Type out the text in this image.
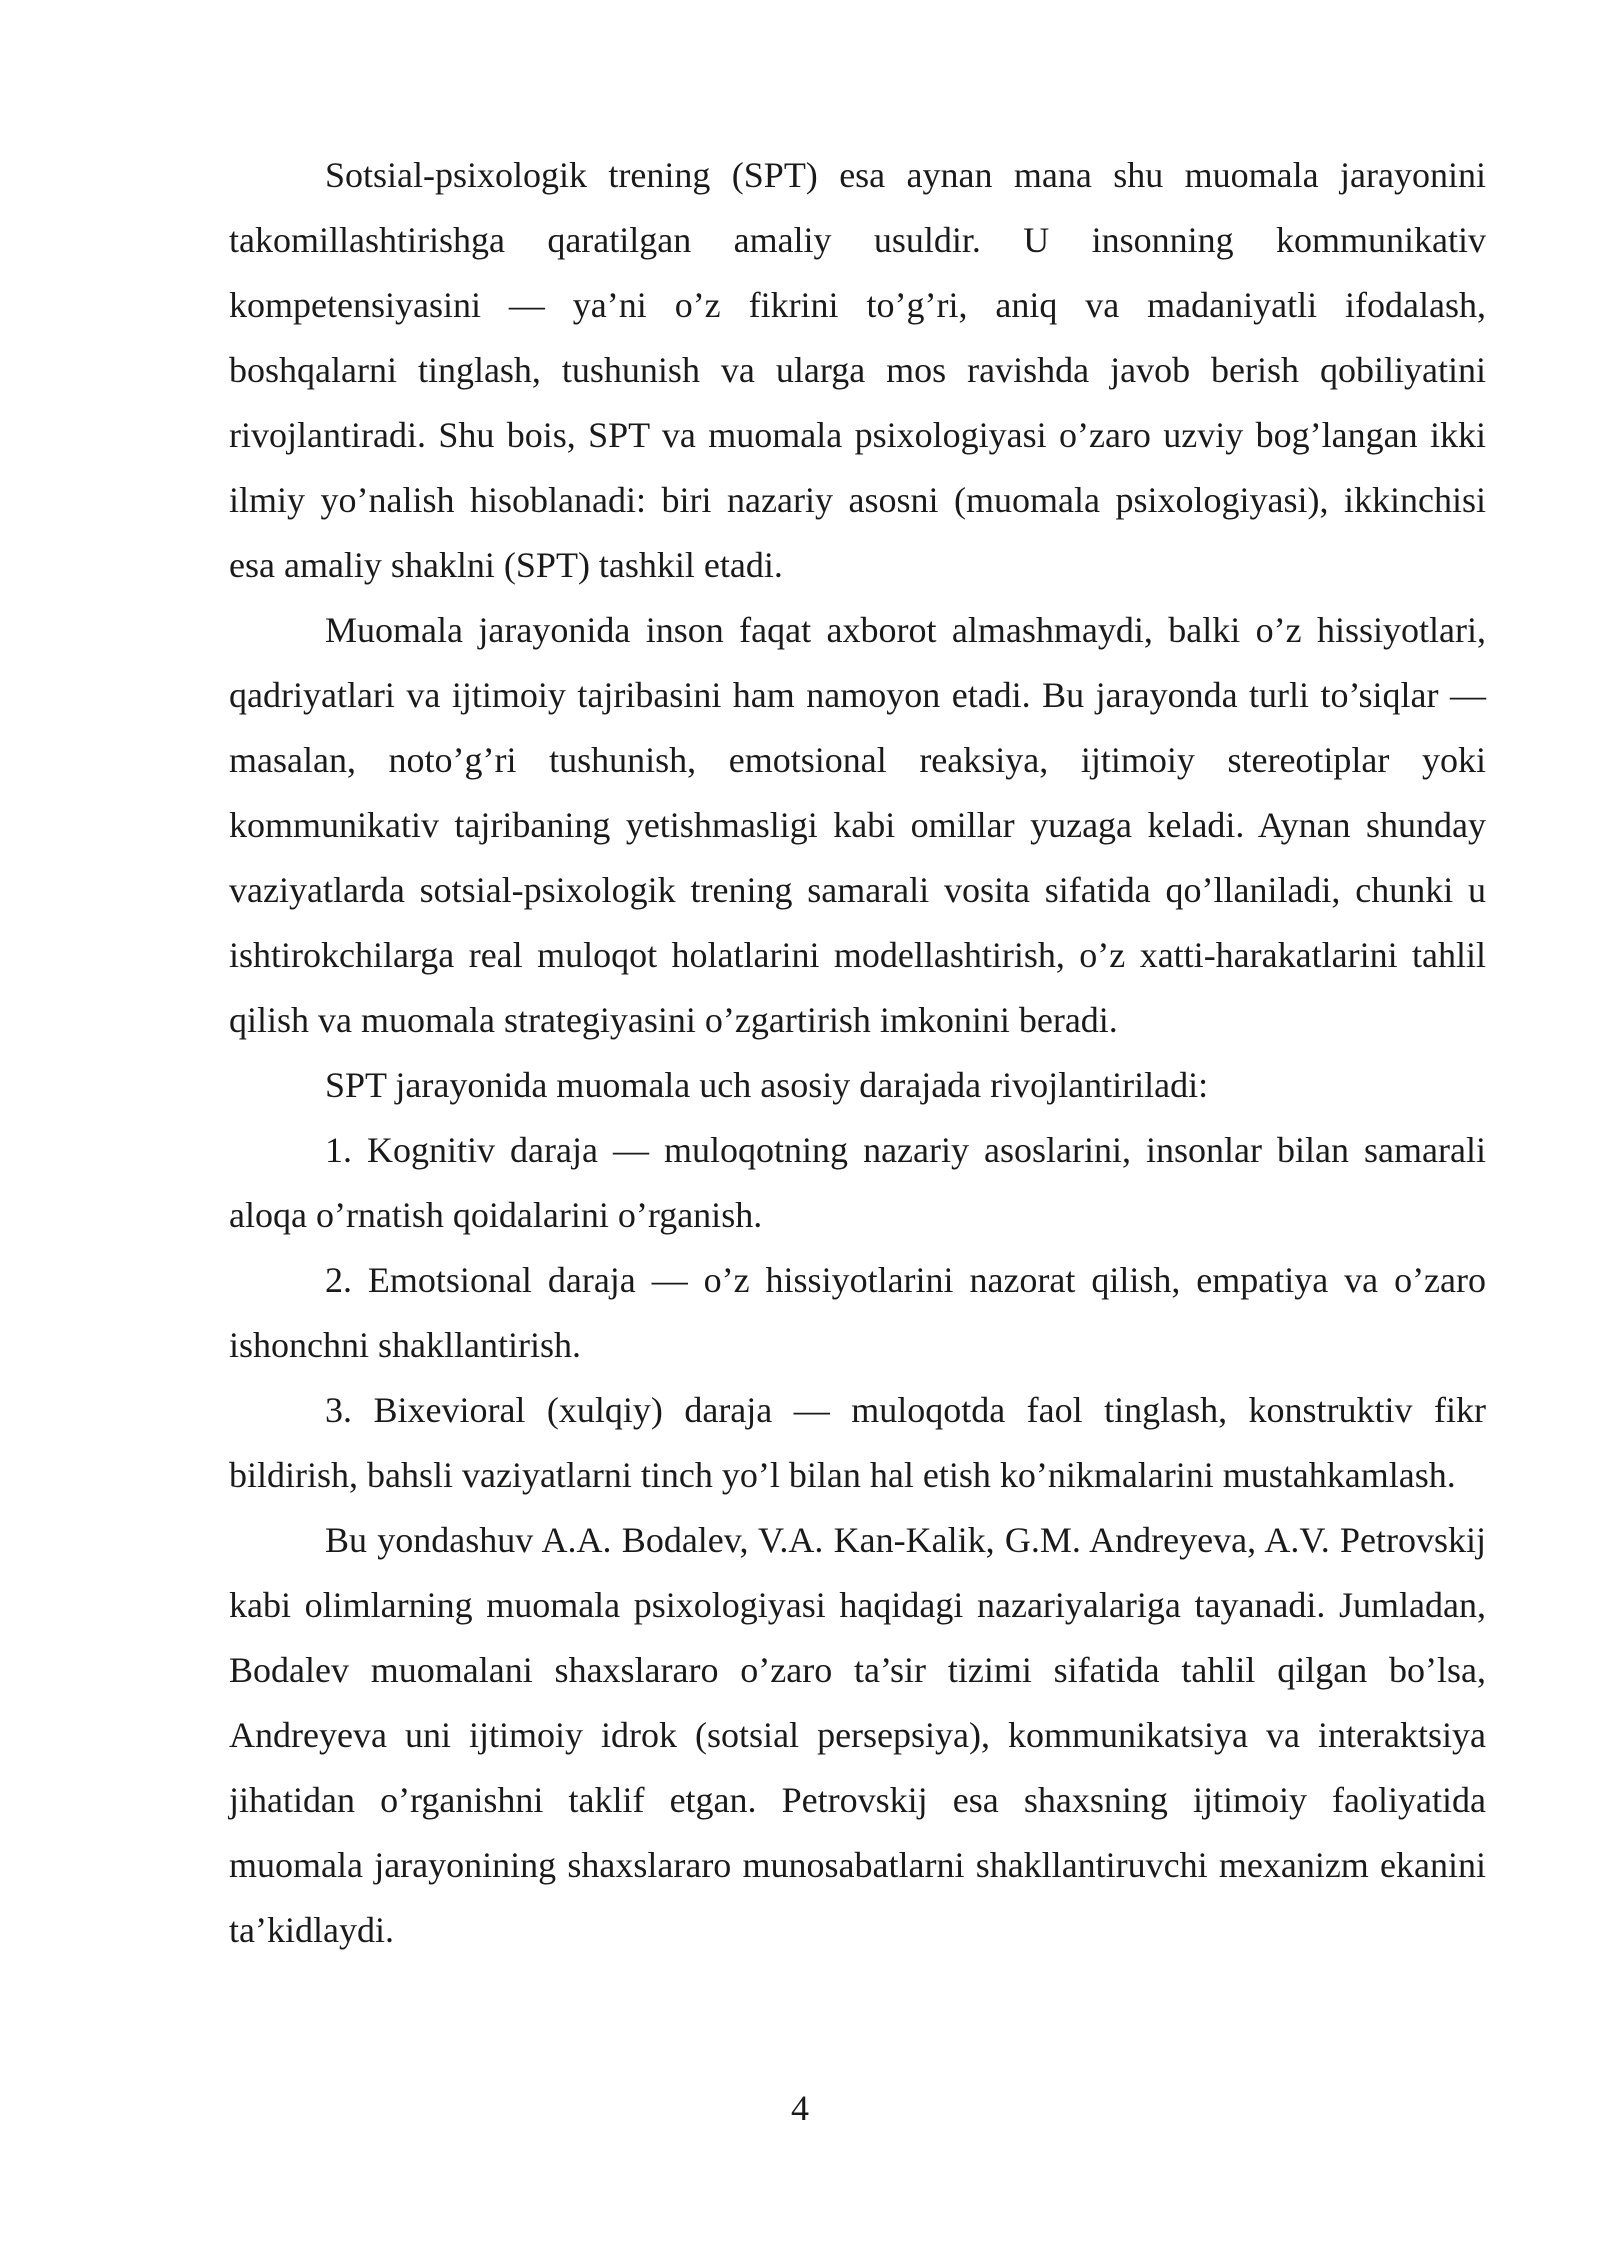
Sotsial-psixologik trening (SPT) esa aynan mana shu muomala jarayonini takomillashtirishga qaratilgan amaliy usuldir. U insonning kommunikativ kompetensiyasini — ya’ni o’z fikrini to’g’ri, aniq va madaniyatli ifodalash, boshqalarni tinglash, tushunish va ularga mos ravishda javob berish qobiliyatini rivojlantiradi. Shu bois, SPT va muomala psixologiyasi o’zaro uzviy bog’langan ikki ilmiy yo’nalish hisoblanadi: biri nazariy asosni (muomala psixologiyasi), ikkinchisi esa amaliy shaklni (SPT) tashkil etadi.

Muomala jarayonida inson faqat axborot almashmaydi, balki o’z hissiyotlari, qadriyatlari va ijtimoiy tajribasini ham namoyon etadi. Bu jarayonda turli to’siqlar — masalan, noto’g’ri tushunish, emotsional reaksiya, ijtimoiy stereotiplar yoki kommunikativ tajribaning yetishmasligi kabi omillar yuzaga keladi. Aynan shunday vaziyatlarda sotsial-psixologik trening samarali vosita sifatida qo’llaniladi, chunki u ishtirokchilarga real muloqot holatlarini modellashtirish, o’z xatti-harakatlarini tahlil qilish va muomala strategiyasini o’zgartirish imkonini beradi.

SPT jarayonida muomala uch asosiy darajada rivojlantiriladi:

1. Kognitiv daraja — muloqotning nazariy asoslarini, insonlar bilan samarali aloqa o’rnatish qoidalarini o’rganish.

2. Emotsional daraja — o’z hissiyotlarini nazorat qilish, empatiya va o’zaro ishonchni shakllantirish.

3. Bixevioral (xulqiy) daraja — muloqotda faol tinglash, konstruktiv fikr bildirish, bahsli vaziyatlarni tinch yo’l bilan hal etish ko’nikmalarini mustahkamlash.

Bu yondashuv A.A. Bodalev, V.A. Kan-Kalik, G.M. Andreyeva, A.V. Petrovskij kabi olimlarning muomala psixologiyasi haqidagi nazariyalariga tayanadi. Jumladan, Bodalev muomalani shaxslararo o’zaro ta’sir tizimi sifatida tahlil qilgan bo’lsa, Andreyeva uni ijtimoiy idrok (sotsial persepsiya), kommunikatsiya va interaktsiya jihatidan o’rganishni taklif etgan. Petrovskij esa shaxsning ijtimoiy faoliyatida muomala jarayonining shaxslararo munosabatlarni shakllantiruvchi mexanizm ekanini ta’kidlaydi.

4
